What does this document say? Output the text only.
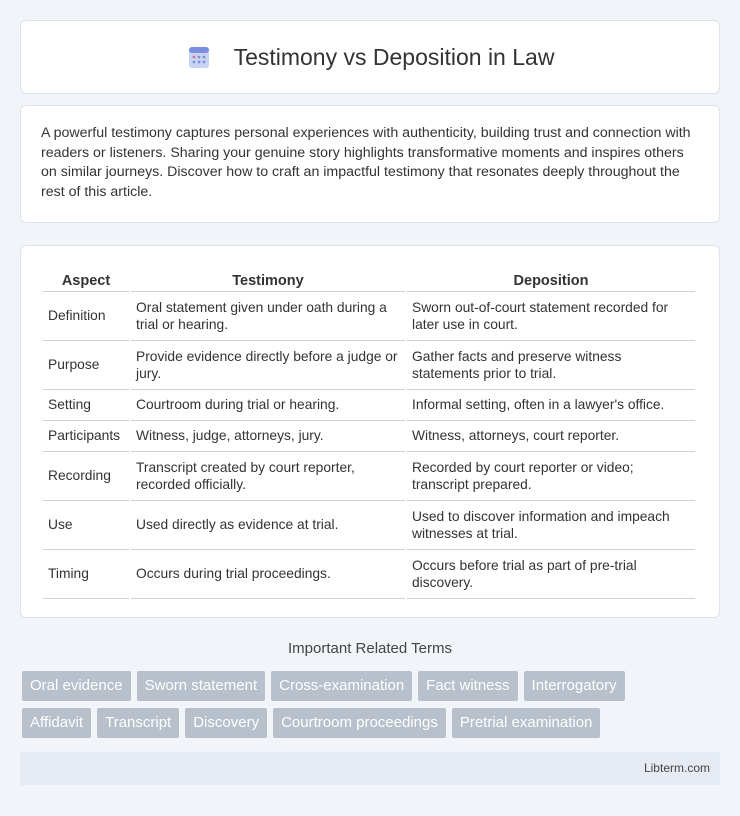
Testimony vs Deposition in Law

A powerful testimony captures personal experiences with authenticity, building trust and connection with readers or listeners. Sharing your genuine story highlights transformative moments and inspires others on similar journeys. Discover how to craft an impactful testimony that resonates deeply throughout the rest of this article.

Aspect	Testimony	Deposition
Definition	Oral statement given under oath during a trial or hearing.	Sworn out-of-court statement recorded for later use in court.
Purpose	Provide evidence directly before a judge or jury.	Gather facts and preserve witness statements prior to trial.
Setting	Courtroom during trial or hearing.	Informal setting, often in a lawyer's office.
Participants	Witness, judge, attorneys, jury.	Witness, attorneys, court reporter.
Recording	Transcript created by court reporter, recorded officially.	Recorded by court reporter or video; transcript prepared.
Use	Used directly as evidence at trial.	Used to discover information and impeach witnesses at trial.
Timing	Occurs during trial proceedings.	Occurs before trial as part of pre-trial discovery.
Important Related Terms
Oral evidence	Sworn statement	Cross-examination	Fact witness	Interrogatory
Affidavit	Transcript	Discovery	Courtroom proceedings	Pretrial examination
Libterm.com
